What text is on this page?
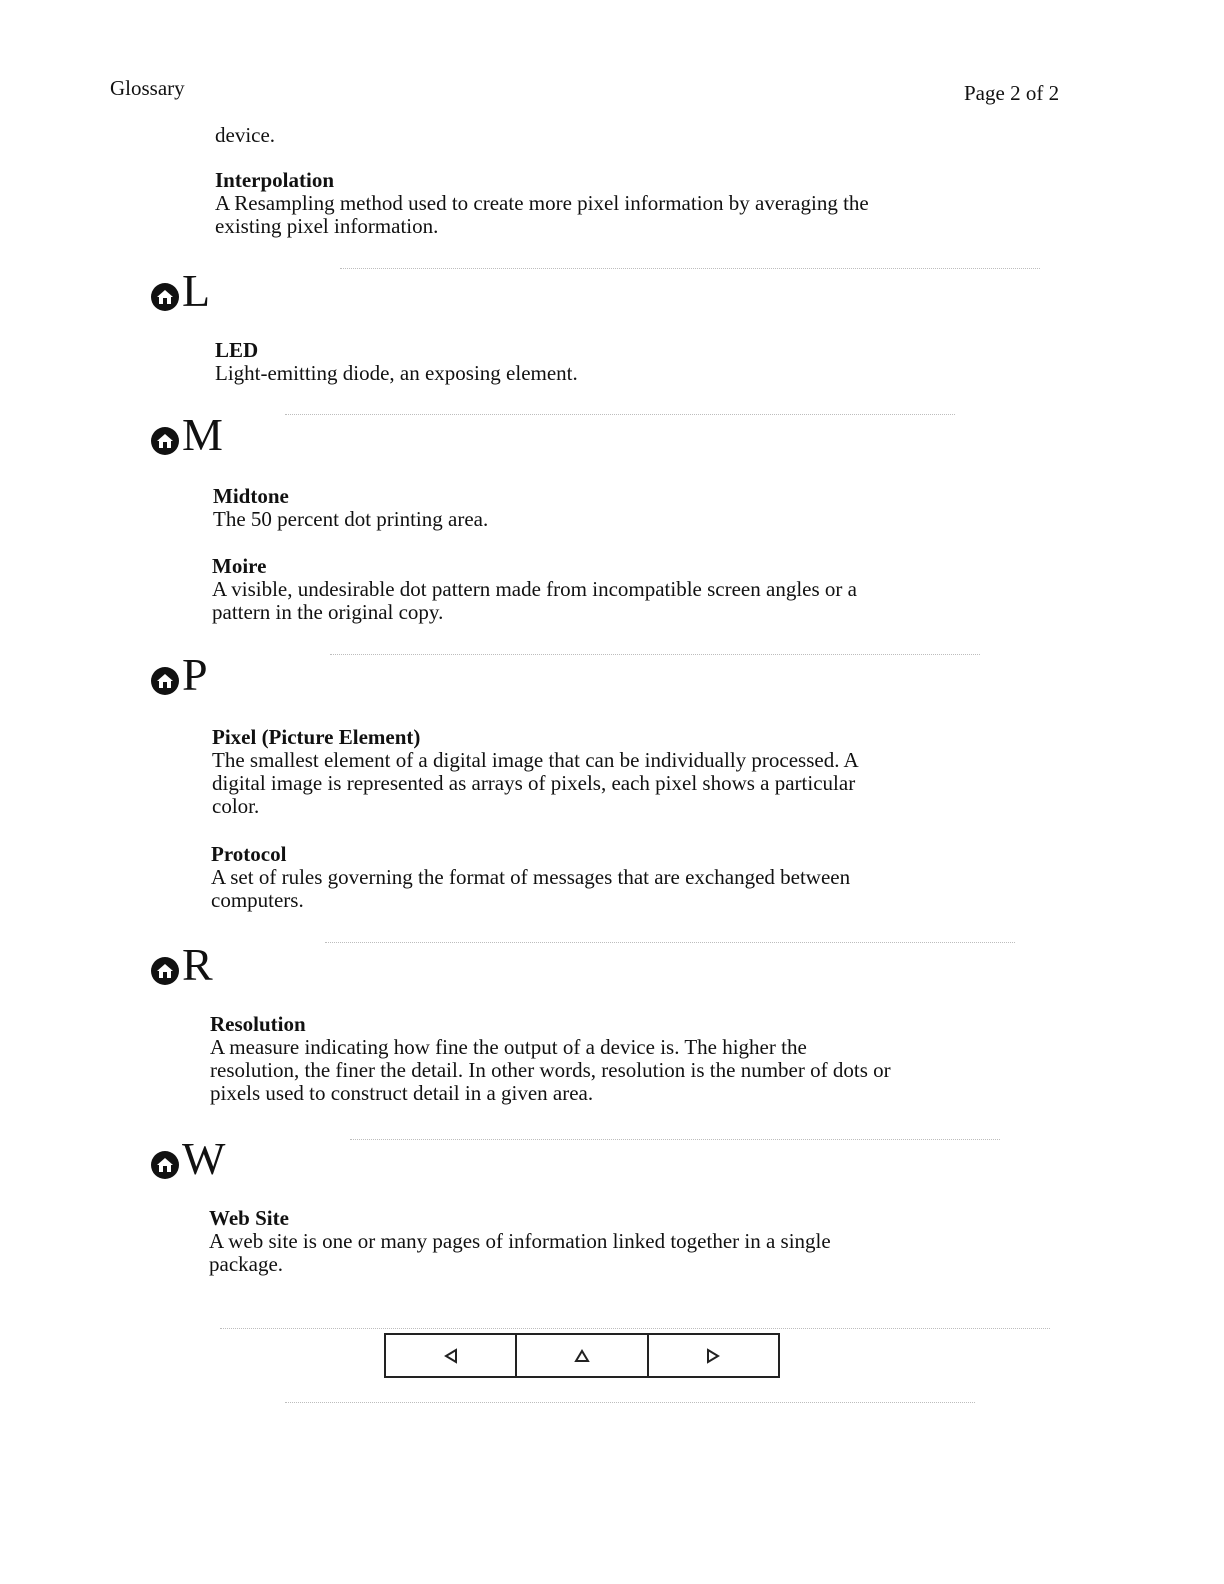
Glossary	Page 2 of 2
device.
Interpolation
A Resampling method used to create more pixel information by averaging the
existing pixel information.
L
LED
Light-emitting diode, an exposing element.
M
Midtone
The 50 percent dot printing area.
Moire
A visible, undesirable dot pattern made from incompatible screen angles or a
pattern in the original copy.
P
Pixel (Picture Element)
The smallest element of a digital image that can be individually processed. A
digital image is represented as arrays of pixels, each pixel shows a particular
color.
Protocol
A set of rules governing the format of messages that are exchanged between
computers.
R
Resolution
A measure indicating how fine the output of a device is. The higher the
resolution, the finer the detail. In other words, resolution is the number of dots or
pixels used to construct detail in a given area.
W
Web Site
A web site is one or many pages of information linked together in a single
package.
